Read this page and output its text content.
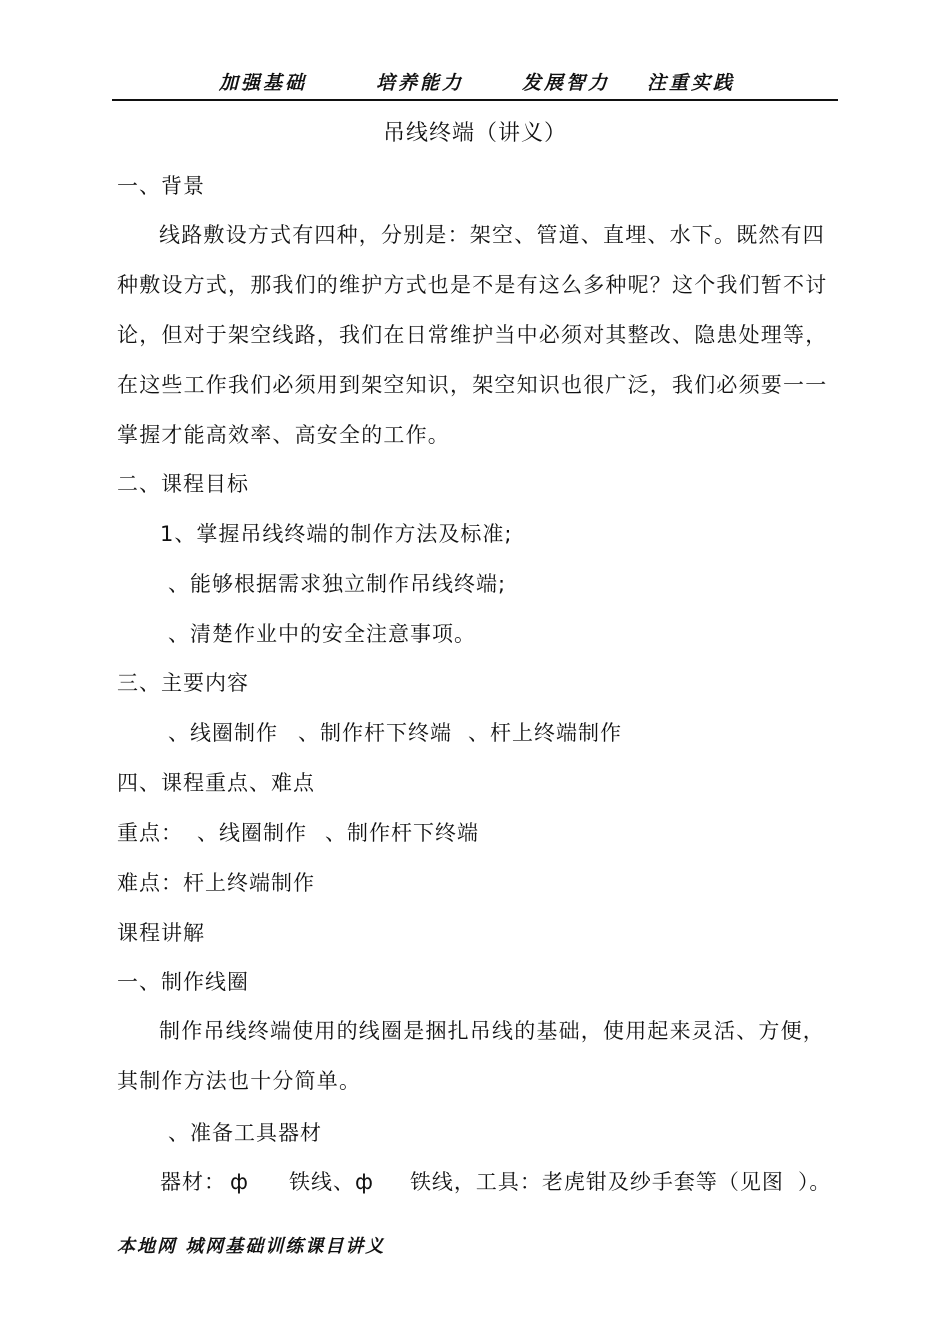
加强基础	培养能力	发展智力 注重实践
吊线终端（讲义）
一、背景

线路敷设方式有四种，分别是：架空、管道、直埋、水下。既然有四种敷设方式，那我们的维护方式也是不是有这么多种呢？这个我们暂不讨论，但对于架空线路，我们在日常维护当中必须对其整改、隐患处理等，在这些工作我们必须用到架空知识，架空知识也很广泛，我们必须要一一掌握才能高效率、高安全的工作。

二、课程目标
1、掌握吊线终端的制作方法及标准;
、能够根据需求独立制作吊线终端;
、清楚作业中的安全注意事项。
三、主要内容
、线圈制作 、制作杆下终端 、杆上终端制作
四、课程重点、难点
重点： 、线圈制作 、制作杆下终端
难点：杆上终端制作
课程讲解
一、制作线圈

制作吊线终端使用的线圈是捆扎吊线的基础，使用起来灵活、方便，其制作方法也十分简单。

、准备工具器材
器材： ф 铁线、ф 铁线，工具：老虎钳及纱手套等（见图 ）。
本地网 城网基础训练课目讲义
